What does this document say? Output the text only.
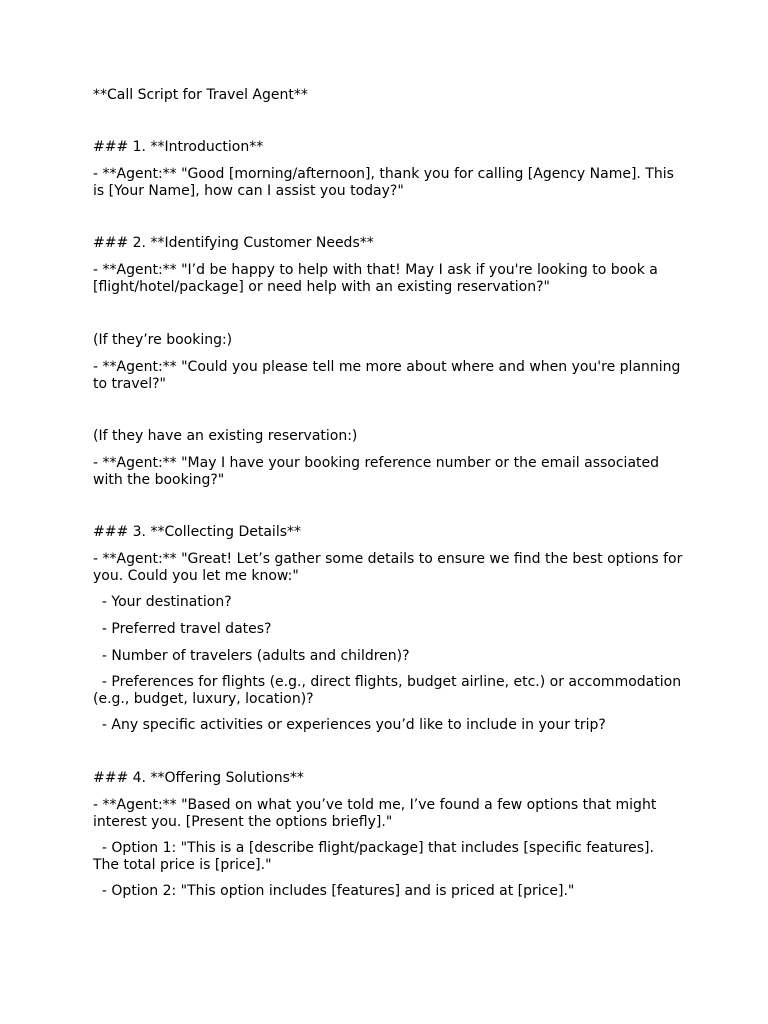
**Call Script for Travel Agent**
### 1. **Introduction**
- **Agent:** "Good [morning/afternoon], thank you for calling [Agency Name]. This is [Your Name], how can I assist you today?"
### 2. **Identifying Customer Needs**
- **Agent:** "I’d be happy to help with that! May I ask if you're looking to book a [flight/hotel/package] or need help with an existing reservation?"
(If they’re booking:)
- **Agent:** "Could you please tell me more about where and when you're planning to travel?"
(If they have an existing reservation:)
- **Agent:** "May I have your booking reference number or the email associated with the booking?"
### 3. **Collecting Details**
- **Agent:** "Great! Let’s gather some details to ensure we find the best options for you. Could you let me know:"
- Your destination?
- Preferred travel dates?
- Number of travelers (adults and children)?
- Preferences for flights (e.g., direct flights, budget airline, etc.) or accommodation (e.g., budget, luxury, location)?
- Any specific activities or experiences you’d like to include in your trip?
### 4. **Offering Solutions**
- **Agent:** "Based on what you’ve told me, I’ve found a few options that might interest you. [Present the options briefly]."
- Option 1: "This is a [describe flight/package] that includes [specific features]. The total price is [price]."
- Option 2: "This option includes [features] and is priced at [price]."
